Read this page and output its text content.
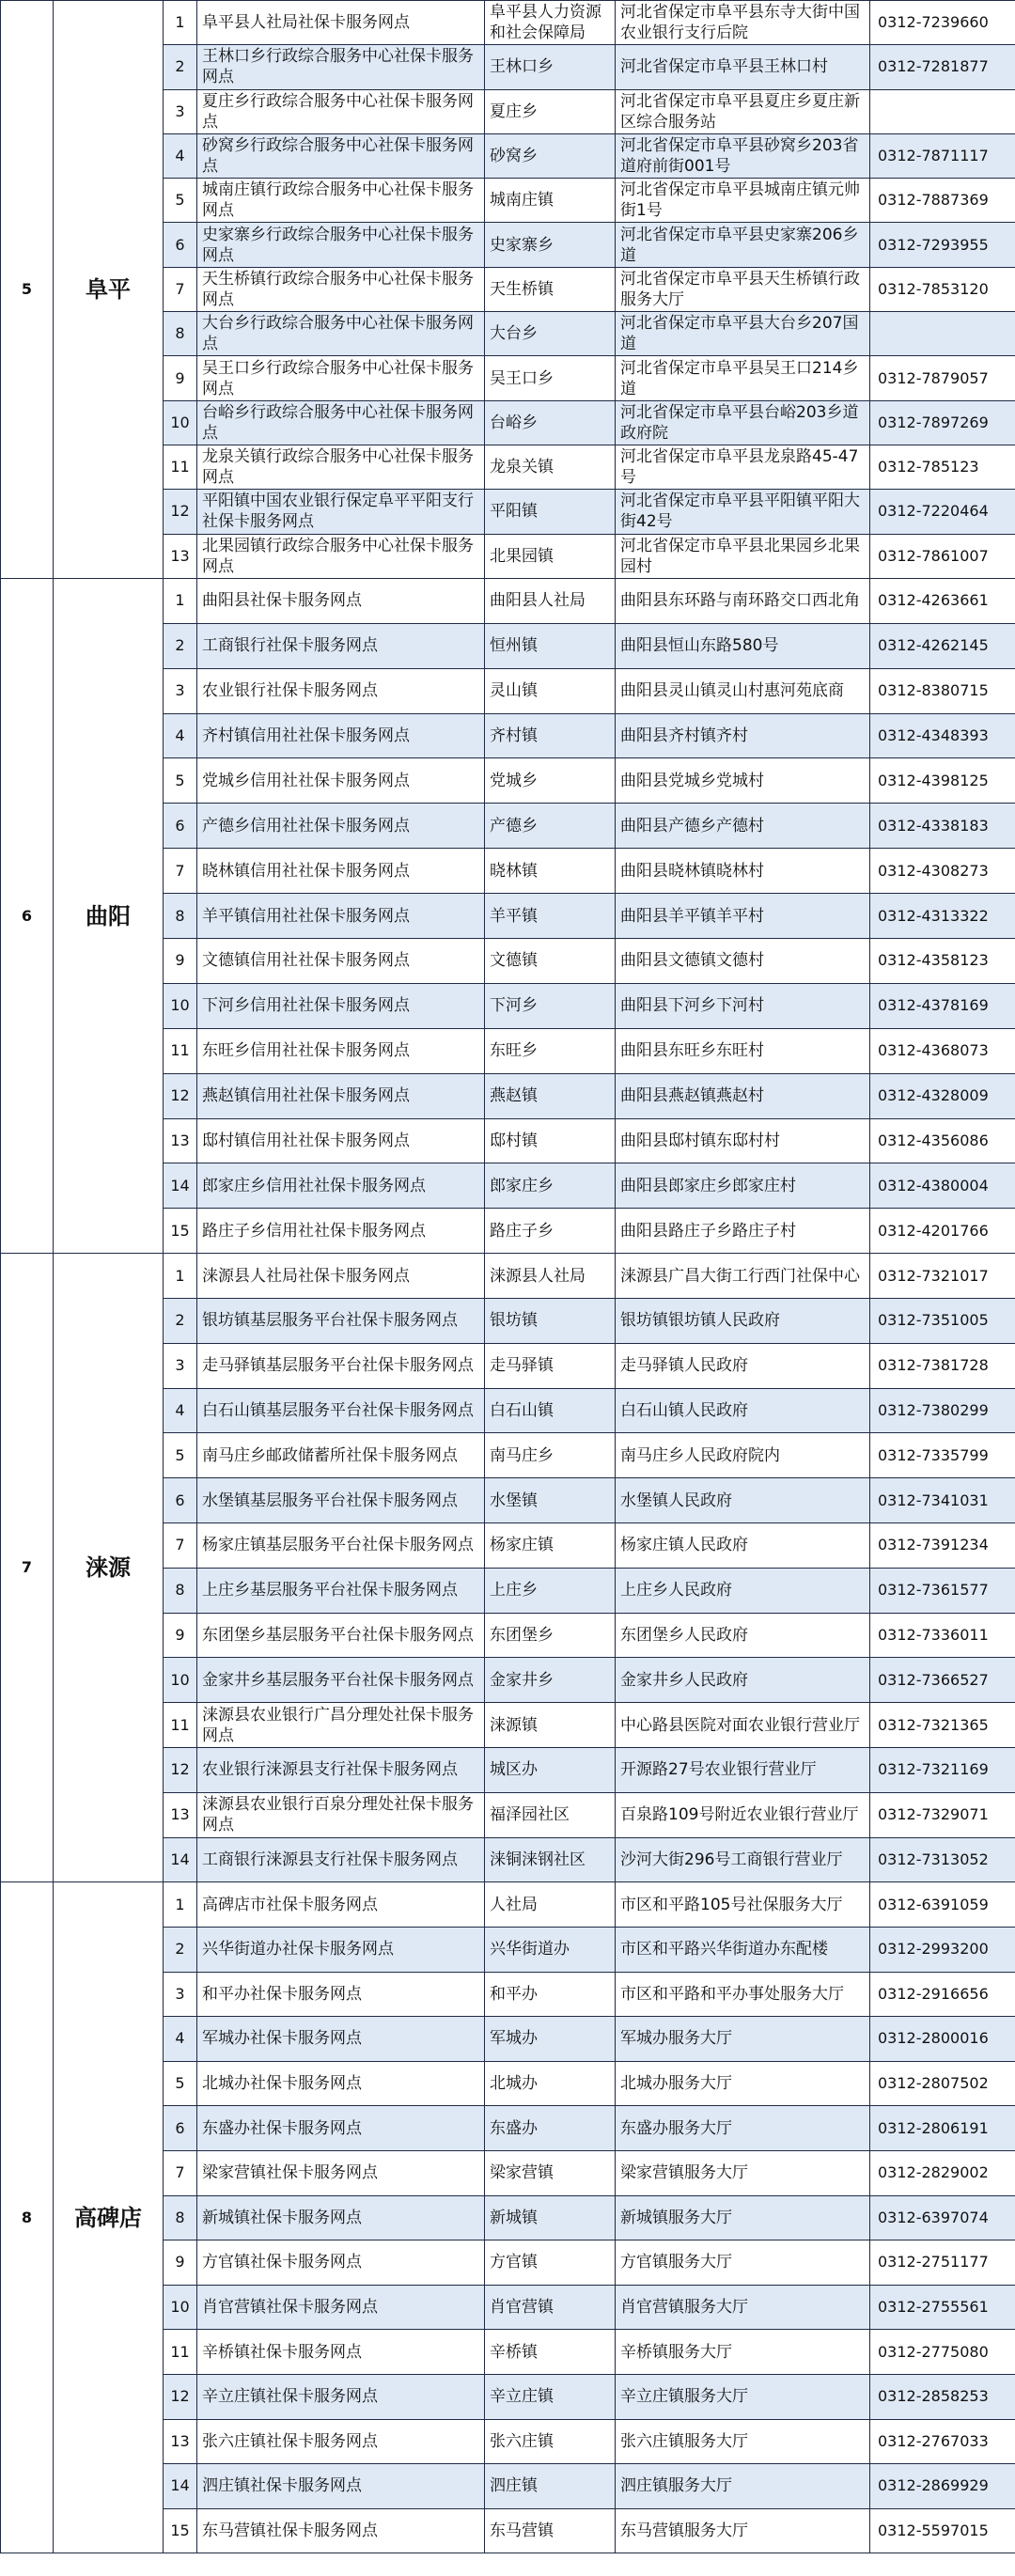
5	阜平	1	阜平县人社局社保卡服务网点	阜平县人力资源和社会保障局	河北省保定市阜平县东寺大街中国农业银行支行后院	0312-7239660
		2	王林口乡行政综合服务中心社保卡服务网点	王林口乡	河北省保定市阜平县王林口村	0312-7281877
		3	夏庄乡行政综合服务中心社保卡服务网点	夏庄乡	河北省保定市阜平县夏庄乡夏庄新区综合服务站	
		4	砂窝乡行政综合服务中心社保卡服务网点	砂窝乡	河北省保定市阜平县砂窝乡203省道府前街001号	0312-7871117
		5	城南庄镇行政综合服务中心社保卡服务网点	城南庄镇	河北省保定市阜平县城南庄镇元帅街1号	0312-7887369
		6	史家寨乡行政综合服务中心社保卡服务网点	史家寨乡	河北省保定市阜平县史家寨206乡道	0312-7293955
		7	天生桥镇行政综合服务中心社保卡服务网点	天生桥镇	河北省保定市阜平县天生桥镇行政服务大厅	0312-7853120
		8	大台乡行政综合服务中心社保卡服务网点	大台乡	河北省保定市阜平县大台乡207国道	
		9	吴王口乡行政综合服务中心社保卡服务网点	吴王口乡	河北省保定市阜平县吴王口214乡道	0312-7879057
		10	台峪乡行政综合服务中心社保卡服务网点	台峪乡	河北省保定市阜平县台峪203乡道政府院	0312-7897269
		11	龙泉关镇行政综合服务中心社保卡服务网点	龙泉关镇	河北省保定市阜平县龙泉路45-47号	0312-785123
		12	平阳镇中国农业银行保定阜平平阳支行社保卡服务网点	平阳镇	河北省保定市阜平县平阳镇平阳大街42号	0312-7220464
		13	北果园镇行政综合服务中心社保卡服务网点	北果园镇	河北省保定市阜平县北果园乡北果园村	0312-7861007
6	曲阳	1	曲阳县社保卡服务网点	曲阳县人社局	曲阳县东环路与南环路交口西北角	0312-4263661
		2	工商银行社保卡服务网点	恒州镇	曲阳县恒山东路580号	0312-4262145
		3	农业银行社保卡服务网点	灵山镇	曲阳县灵山镇灵山村惠河苑底商	0312-8380715
		4	齐村镇信用社社保卡服务网点	齐村镇	曲阳县齐村镇齐村	0312-4348393
		5	党城乡信用社社保卡服务网点	党城乡	曲阳县党城乡党城村	0312-4398125
		6	产德乡信用社社保卡服务网点	产德乡	曲阳县产德乡产德村	0312-4338183
		7	晓林镇信用社社保卡服务网点	晓林镇	曲阳县晓林镇晓林村	0312-4308273
		8	羊平镇信用社社保卡服务网点	羊平镇	曲阳县羊平镇羊平村	0312-4313322
		9	文德镇信用社社保卡服务网点	文德镇	曲阳县文德镇文德村	0312-4358123
		10	下河乡信用社社保卡服务网点	下河乡	曲阳县下河乡下河村	0312-4378169
		11	东旺乡信用社社保卡服务网点	东旺乡	曲阳县东旺乡东旺村	0312-4368073
		12	燕赵镇信用社社保卡服务网点	燕赵镇	曲阳县燕赵镇燕赵村	0312-4328009
		13	邸村镇信用社社保卡服务网点	邸村镇	曲阳县邸村镇东邸村村	0312-4356086
		14	郎家庄乡信用社社保卡服务网点	郎家庄乡	曲阳县郎家庄乡郎家庄村	0312-4380004
		15	路庄子乡信用社社保卡服务网点	路庄子乡	曲阳县路庄子乡路庄子村	0312-4201766
7	涞源	1	涞源县人社局社保卡服务网点	涞源县人社局	涞源县广昌大街工行西门社保中心	0312-7321017
		2	银坊镇基层服务平台社保卡服务网点	银坊镇	银坊镇银坊镇人民政府	0312-7351005
		3	走马驿镇基层服务平台社保卡服务网点	走马驿镇	走马驿镇人民政府	0312-7381728
		4	白石山镇基层服务平台社保卡服务网点	白石山镇	白石山镇人民政府	0312-7380299
		5	南马庄乡邮政储蓄所社保卡服务网点	南马庄乡	南马庄乡人民政府院内	0312-7335799
		6	水堡镇基层服务平台社保卡服务网点	水堡镇	水堡镇人民政府	0312-7341031
		7	杨家庄镇基层服务平台社保卡服务网点	杨家庄镇	杨家庄镇人民政府	0312-7391234
		8	上庄乡基层服务平台社保卡服务网点	上庄乡	上庄乡人民政府	0312-7361577
		9	东团堡乡基层服务平台社保卡服务网点	东团堡乡	东团堡乡人民政府	0312-7336011
		10	金家井乡基层服务平台社保卡服务网点	金家井乡	金家井乡人民政府	0312-7366527
		11	涞源县农业银行广昌分理处社保卡服务网点	涞源镇	中心路县医院对面农业银行营业厅	0312-7321365
		12	农业银行涞源县支行社保卡服务网点	城区办	开源路27号农业银行营业厅	0312-7321169
		13	涞源县农业银行百泉分理处社保卡服务网点	福泽园社区	百泉路109号附近农业银行营业厅	0312-7329071
		14	工商银行涞源县支行社保卡服务网点	涞铜涞钢社区	沙河大街296号工商银行营业厅	0312-7313052
8	高碑店	1	高碑店市社保卡服务网点	人社局	市区和平路105号社保服务大厅	0312-6391059
		2	兴华街道办社保卡服务网点	兴华街道办	市区和平路兴华街道办东配楼	0312-2993200
		3	和平办社保卡服务网点	和平办	市区和平路和平办事处服务大厅	0312-2916656
		4	军城办社保卡服务网点	军城办	军城办服务大厅	0312-2800016
		5	北城办社保卡服务网点	北城办	北城办服务大厅	0312-2807502
		6	东盛办社保卡服务网点	东盛办	东盛办服务大厅	0312-2806191
		7	梁家营镇社保卡服务网点	梁家营镇	梁家营镇服务大厅	0312-2829002
		8	新城镇社保卡服务网点	新城镇	新城镇服务大厅	0312-6397074
		9	方官镇社保卡服务网点	方官镇	方官镇服务大厅	0312-2751177
		10	肖官营镇社保卡服务网点	肖官营镇	肖官营镇服务大厅	0312-2755561
		11	辛桥镇社保卡服务网点	辛桥镇	辛桥镇服务大厅	0312-2775080
		12	辛立庄镇社保卡服务网点	辛立庄镇	辛立庄镇服务大厅	0312-2858253
		13	张六庄镇社保卡服务网点	张六庄镇	张六庄镇服务大厅	0312-2767033
		14	泗庄镇社保卡服务网点	泗庄镇	泗庄镇服务大厅	0312-2869929
		15	东马营镇社保卡服务网点	东马营镇	东马营镇服务大厅	0312-5597015
